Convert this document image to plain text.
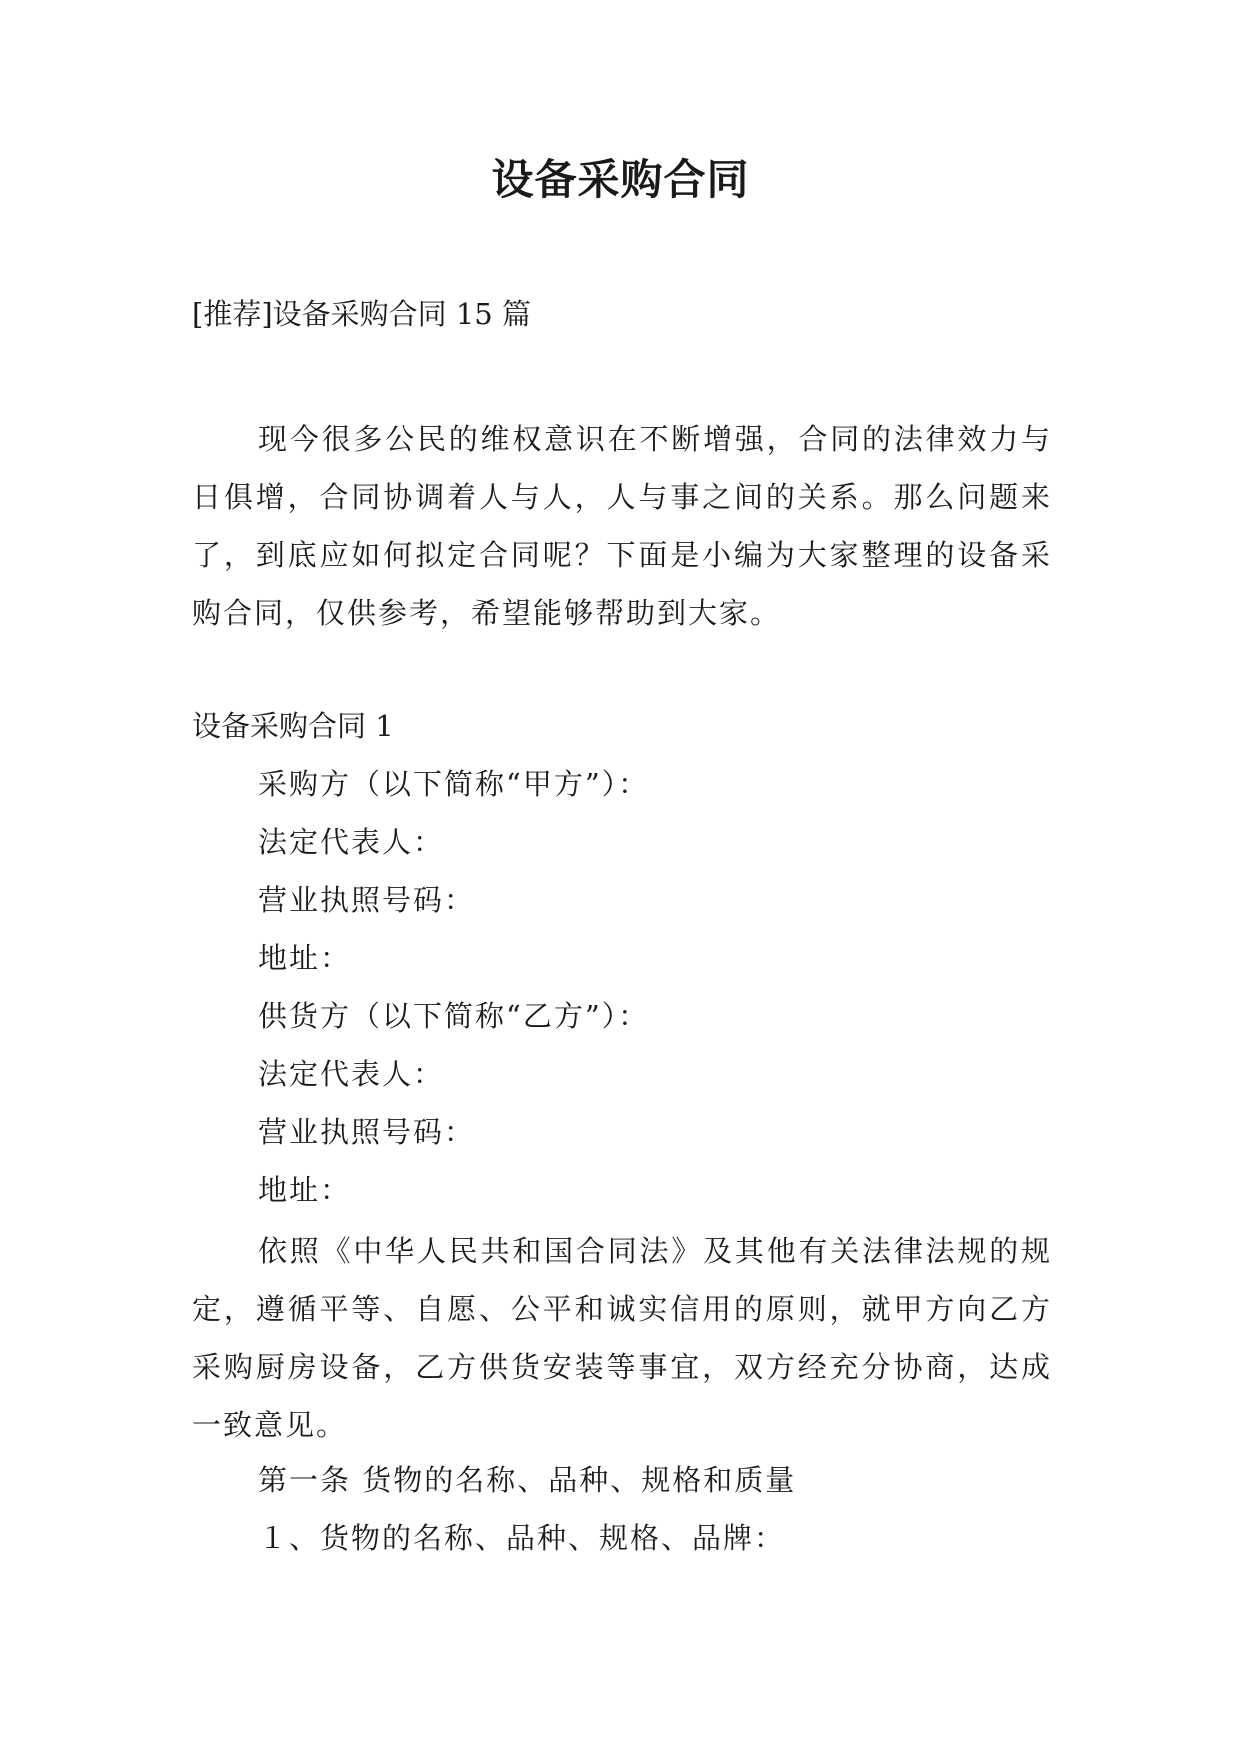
设备采购合同
[推荐]设备采购合同 15 篇
现今很多公民的维权意识在不断增强，合同的法律效力与日俱增，合同协调着人与人，人与事之间的关系。那么问题来了，到底应如何拟定合同呢？下面是小编为大家整理的设备采购合同，仅供参考，希望能够帮助到大家。
设备采购合同 1
采购方（以下简称“甲方”）：
法定代表人：
营业执照号码：
地址：
供货方（以下简称“乙方”）：
法定代表人：
营业执照号码：
地址：
依照《中华人民共和国合同法》及其他有关法律法规的规定，遵循平等、自愿、公平和诚实信用的原则，就甲方向乙方采购厨房设备，乙方供货安装等事宜，双方经充分协商，达成一致意见。
第一条 货物的名称、品种、规格和质量
１、货物的名称、品种、规格、品牌：
